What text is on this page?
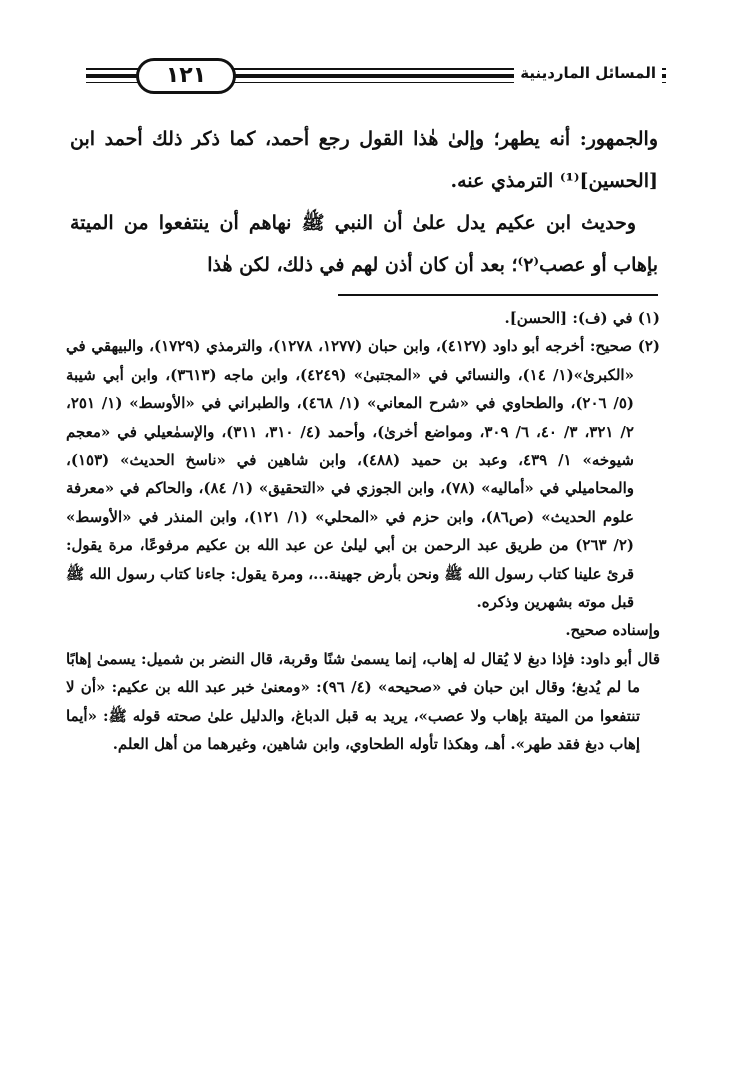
١٢١	المسائل الماردينية

والجمهور: أنه يطهر؛ وإلىٰ هٰذا القول رجع أحمد، كما ذكر ذلك أحمد ابن [الحسين]⁽¹⁾ الترمذي عنه.

وحديث ابن عكيم يدل علىٰ أن النبي ﷺ نهاهم أن ينتفعوا من الميتة بإهاب أو عصب⁽٢⁾؛ بعد أن كان أذن لهم في ذلك، لكن هٰذا

(١) في (ف): [الحسن].

(٢) صحيح: أخرجه أبو داود (٤١٢٧)، وابن حبان (١٢٧٧، ١٢٧٨)، والترمذي (١٧٢٩)، والبيهقي في «الكبرىٰ»(١/ ١٤)، والنسائي في «المجتبىٰ» (٤٢٤٩)، وابن ماجه (٣٦١٣)، وابن أبي شيبة (٥/ ٢٠٦)، والطحاوي في «شرح المعاني» (١/ ٤٦٨)، والطبراني في «الأوسط» (١/ ٢٥١، ٢/ ٣٢١، ٣/ ٤٠، ٦/ ٣٠٩، ومواضع أخرىٰ)، وأحمد (٤/ ٣١٠، ٣١١)، والإسمٰعيلي في «معجم شيوخه» ١/ ٤٣٩، وعبد بن حميد (٤٨٨)، وابن شاهين في «ناسخ الحديث» (١٥٣)، والمحاميلي في «أماليه» (٧٨)، وابن الجوزي في «التحقيق» (١/ ٨٤)، والحاكم في «معرفة علوم الحديث» (ص٨٦)، وابن حزم في «المحلي» (١/ ١٢١)، وابن المنذر في «الأوسط» (٢/ ٢٦٣) من طريق عبد الرحمن بن أبي ليلىٰ عن عبد الله بن عكيم مرفوعًا، مرة يقول: قرئ علينا كتاب رسول الله ﷺ ونحن بأرض جهينة...، ومرة يقول: جاءنا كتاب رسول الله ﷺ قبل موته بشهرين وذكره.

وإسناده صحيح.

قال أبو داود: فإذا دبغ لا يُقال له إهاب، إنما يسمىٰ شنًا وقربة، قال النضر بن شميل: يسمىٰ إهابًا ما لم يُدبغ؛ وقال ابن حبان في «صحيحه» (٤/ ٩٦): «ومعنىٰ خبر عبد الله بن عكيم: «أن لا تنتفعوا من الميتة بإهاب ولا عصب»، يريد به قبل الدباغ، والدليل علىٰ صحته قوله ﷺ: «أيما إهاب دبغ فقد طهر». أهـ، وهكذا تأوله الطحاوي، وابن شاهين، وغيرهما من أهل العلم.
